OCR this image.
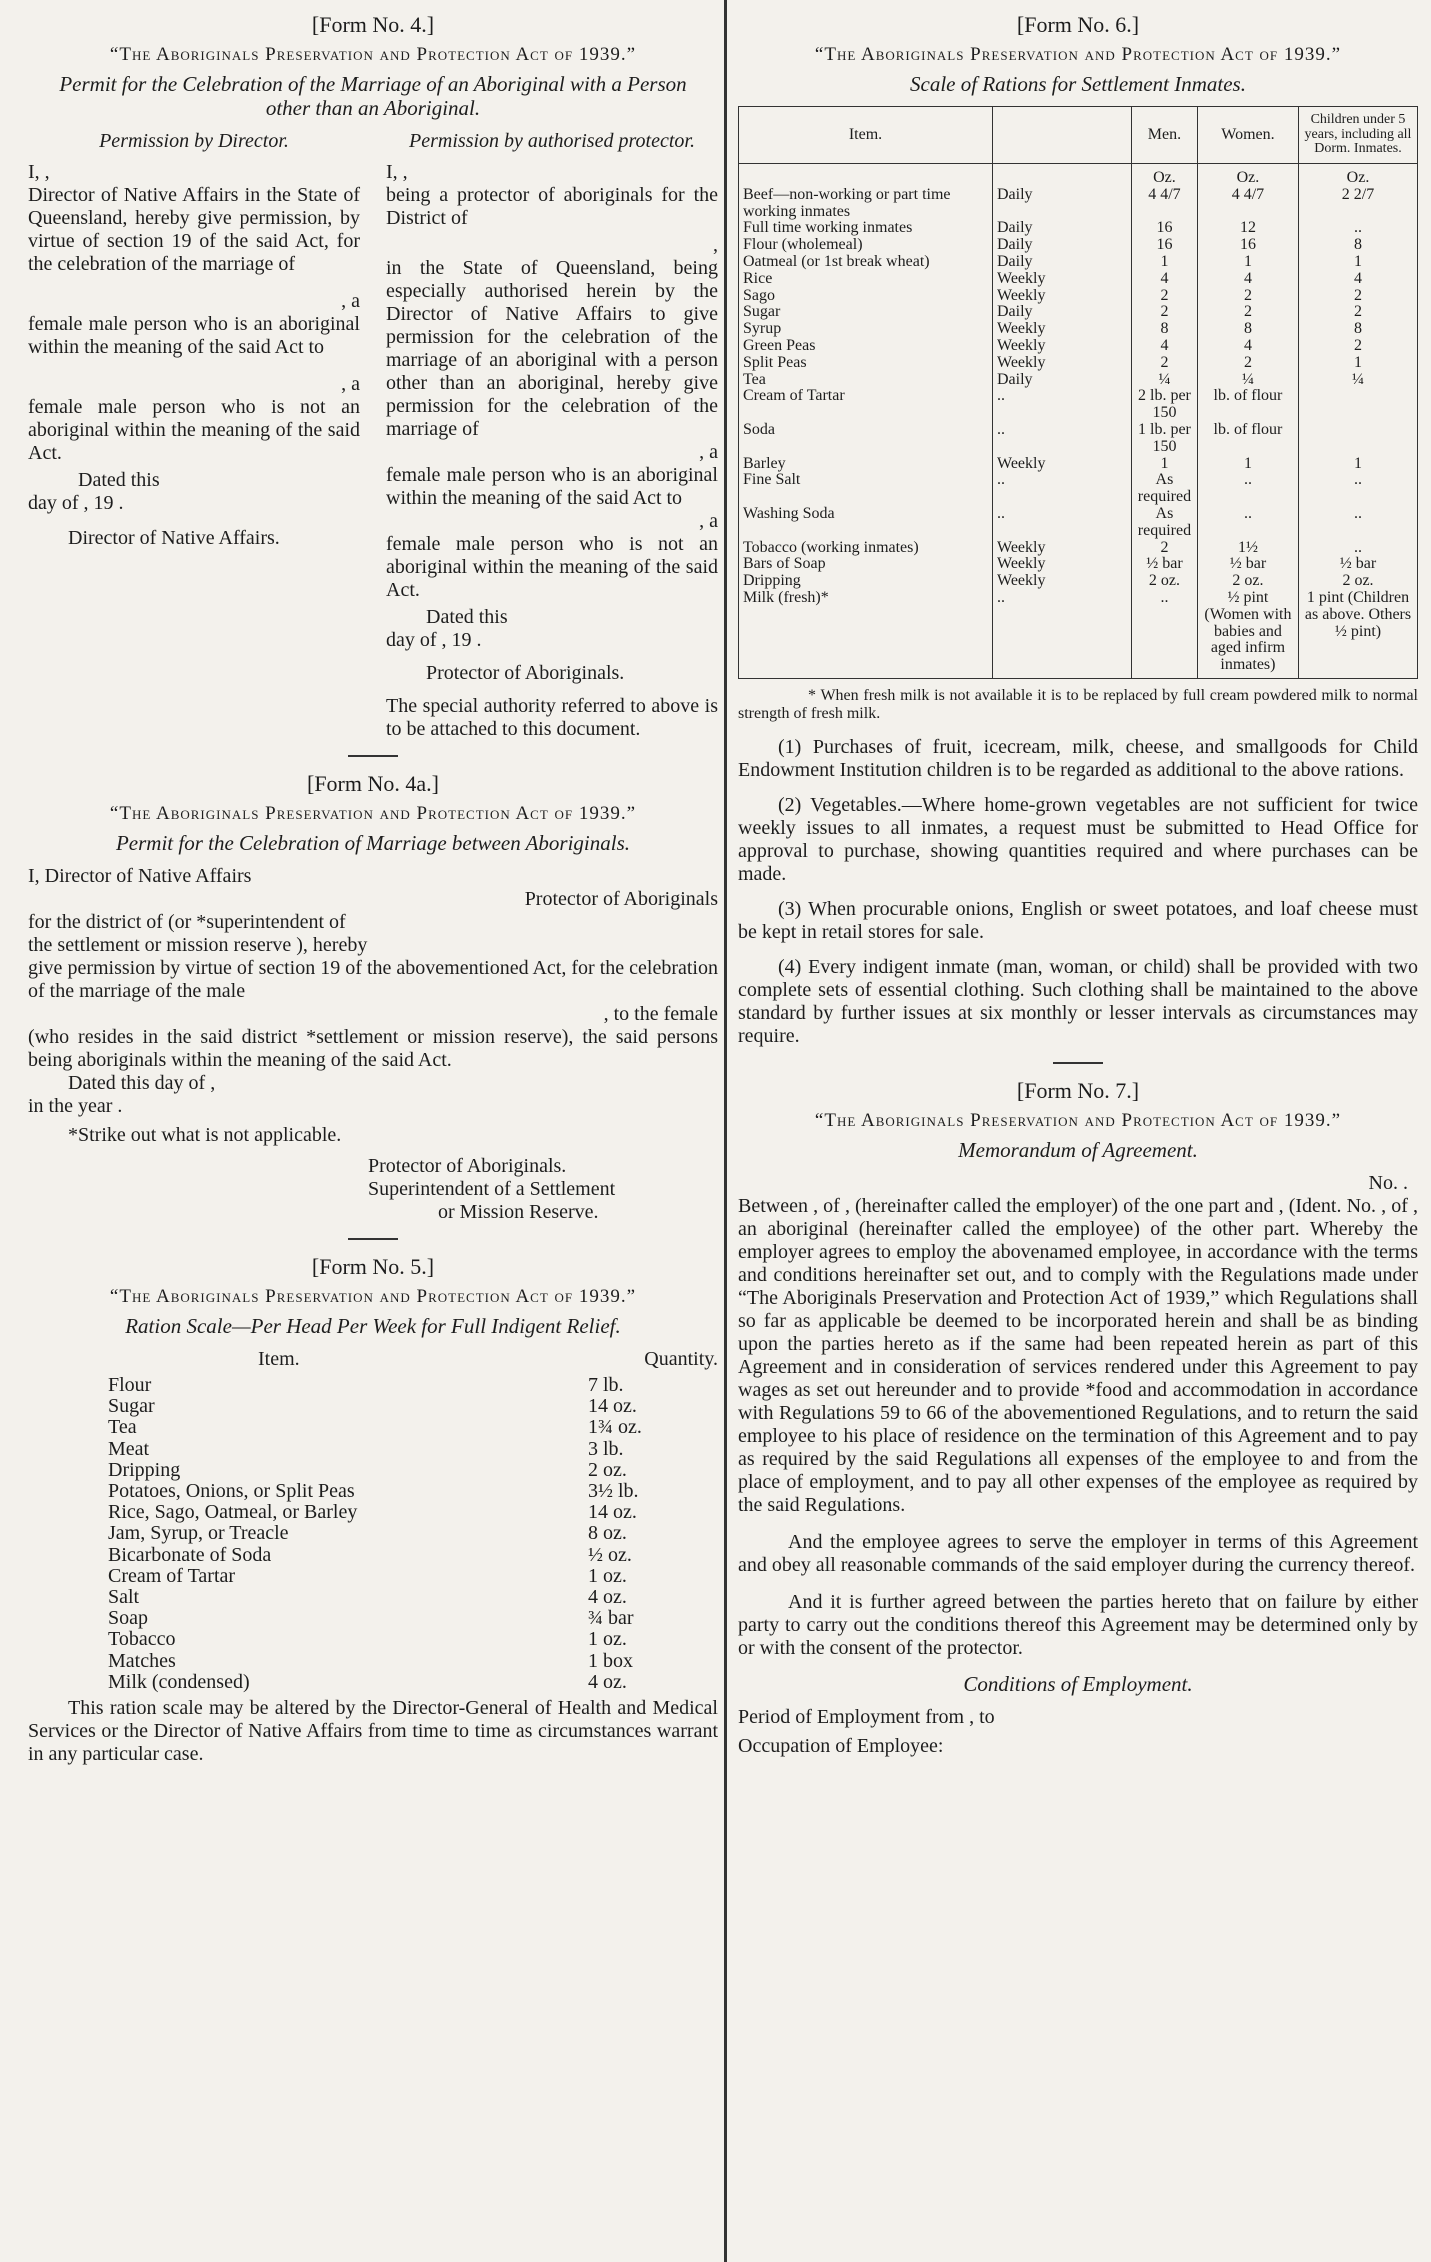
[Form No. 4.]
“The Aboriginals Preservation and Protection Act of 1939.”
Permit for the Celebration of the Marriage of an Aboriginal with a Person other than an Aboriginal.
Permission by Director.
I, ,

Director of Native Affairs in the State of Queensland, hereby give permission, by virtue of section 19 of the said Act, for the celebration of the marriage of

, a

female male person who is an aboriginal within the meaning of the said Act to

, a

female male person who is not an aboriginal within the meaning of the said Act.

Dated this
day of , 19 .
Director of Native Affairs.
Permission by authorised protector.
I, ,

being a protector of aboriginals for the District of

,

in the State of Queensland, being especially authorised herein by the Director of Native Affairs to give permission for the celebration of the marriage of an aboriginal with a person other than an aboriginal, hereby give permission for the celebration of the marriage of

, a

female male person who is an aboriginal within the meaning of the said Act to

, a

female male person who is not an aboriginal within the meaning of the said Act.

Dated this
day of , 19 .
Protector of Aboriginals.

The special authority referred to above is to be attached to this document.

[Form No. 4a.]
“The Aboriginals Preservation and Protection Act of 1939.”
Permit for the Celebration of Marriage between Aboriginals.
I, Director of Native Affairs
Protector of Aboriginals
for the district of (or *superintendent of
the settlement or mission reserve ), hereby

give permission by virtue of section 19 of the abovementioned Act, for the celebration of the marriage of the male

, to the female

(who resides in the said district *settlement or mission reserve), the said persons being aboriginals within the meaning of the said Act.

Dated this day of ,
in the year .
*Strike out what is not applicable.
Protector of Aboriginals.
Superintendent of a Settlement
or Mission Reserve.
[Form No. 5.]
“The Aboriginals Preservation and Protection Act of 1939.”
Ration Scale—Per Head Per Week for Full Indigent Relief.
Item.	Quantity.
Flour	7 lb.
Sugar	14 oz.
Tea	1¾ oz.
Meat	3 lb.
Dripping	2 oz.
Potatoes, Onions, or Split Peas	3½ lb.
Rice, Sago, Oatmeal, or Barley	14 oz.
Jam, Syrup, or Treacle	8 oz.
Bicarbonate of Soda	½ oz.
Cream of Tartar	1 oz.
Salt	4 oz.
Soap	¾ bar
Tobacco	1 oz.
Matches	1 box
Milk (condensed)	4 oz.

This ration scale may be altered by the Director-General of Health and Medical Services or the Director of Native Affairs from time to time as circumstances warrant in any particular case.

[Form No. 6.]
“The Aboriginals Preservation and Protection Act of 1939.”
Scale of Rations for Settlement Inmates.
Item.		Men.	Women.	Children under 5 years, including all Dorm. Inmates.
		Oz.	Oz.	Oz.
Beef—non-working or part time working inmates	Daily	4 4/7	4 4/7	2 2/7
Full time working inmates	Daily	16	12	..
Flour (wholemeal)	Daily	16	16	8
Oatmeal (or 1st break wheat)	Daily	1	1	1
Rice	Weekly	4	4	4
Sago	Weekly	2	2	2
Sugar	Daily	2	2	2
Syrup	Weekly	8	8	8
Green Peas	Weekly	4	4	2
Split Peas	Weekly	2	2	1
Tea	Daily	¼	¼	¼
Cream of Tartar	..	2 lb. per 150	lb. of flour	
Soda	..	1 lb. per 150	lb. of flour	
Barley	Weekly	1	1	1
Fine Salt	..	As required	..	..
Washing Soda	..	As required	..	..
Tobacco (working inmates)	Weekly	2	1½	..
Bars of Soap	Weekly	½ bar	½ bar	½ bar
Dripping	Weekly	2 oz.	2 oz.	2 oz.
Milk (fresh)*	..	..	½ pint (Women with babies and aged infirm inmates)	1 pint (Children as above. Others ½ pint)

* When fresh milk is not available it is to be replaced by full cream powdered milk to normal strength of fresh milk.

(1) Purchases of fruit, icecream, milk, cheese, and smallgoods for Child Endowment Institution children is to be regarded as additional to the above rations.

(2) Vegetables.—Where home-grown vegetables are not sufficient for twice weekly issues to all inmates, a request must be submitted to Head Office for approval to purchase, showing quantities required and where purchases can be made.

(3) When procurable onions, English or sweet potatoes, and loaf cheese must be kept in retail stores for sale.

(4) Every indigent inmate (man, woman, or child) shall be provided with two complete sets of essential clothing. Such clothing shall be maintained to the above standard by further issues at six monthly or lesser intervals as circumstances may require.

[Form No. 7.]
“The Aboriginals Preservation and Protection Act of 1939.”
Memorandum of Agreement.
No. .

Between , of , (hereinafter called the employer) of the one part and , (Ident. No. , of , an aboriginal (hereinafter called the employee) of the other part. Whereby the employer agrees to employ the abovenamed employee, in accordance with the terms and conditions hereinafter set out, and to comply with the Regulations made under “The Aboriginals Preservation and Protection Act of 1939,” which Regulations shall so far as applicable be deemed to be incorporated herein and shall be as binding upon the parties hereto as if the same had been repeated herein as part of this Agreement and in consideration of services rendered under this Agreement to pay wages as set out hereunder and to provide *food and accommodation in accordance with Regulations 59 to 66 of the abovementioned Regulations, and to return the said employee to his place of residence on the termination of this Agreement and to pay as required by the said Regulations all expenses of the employee to and from the place of employment, and to pay all other expenses of the employee as required by the said Regulations.

And the employee agrees to serve the employer in terms of this Agreement and obey all reasonable commands of the said employer during the currency thereof.

And it is further agreed between the parties hereto that on failure by either party to carry out the conditions thereof this Agreement may be determined only by or with the consent of the protector.

Conditions of Employment.
Period of Employment from , to
Occupation of Employee:
